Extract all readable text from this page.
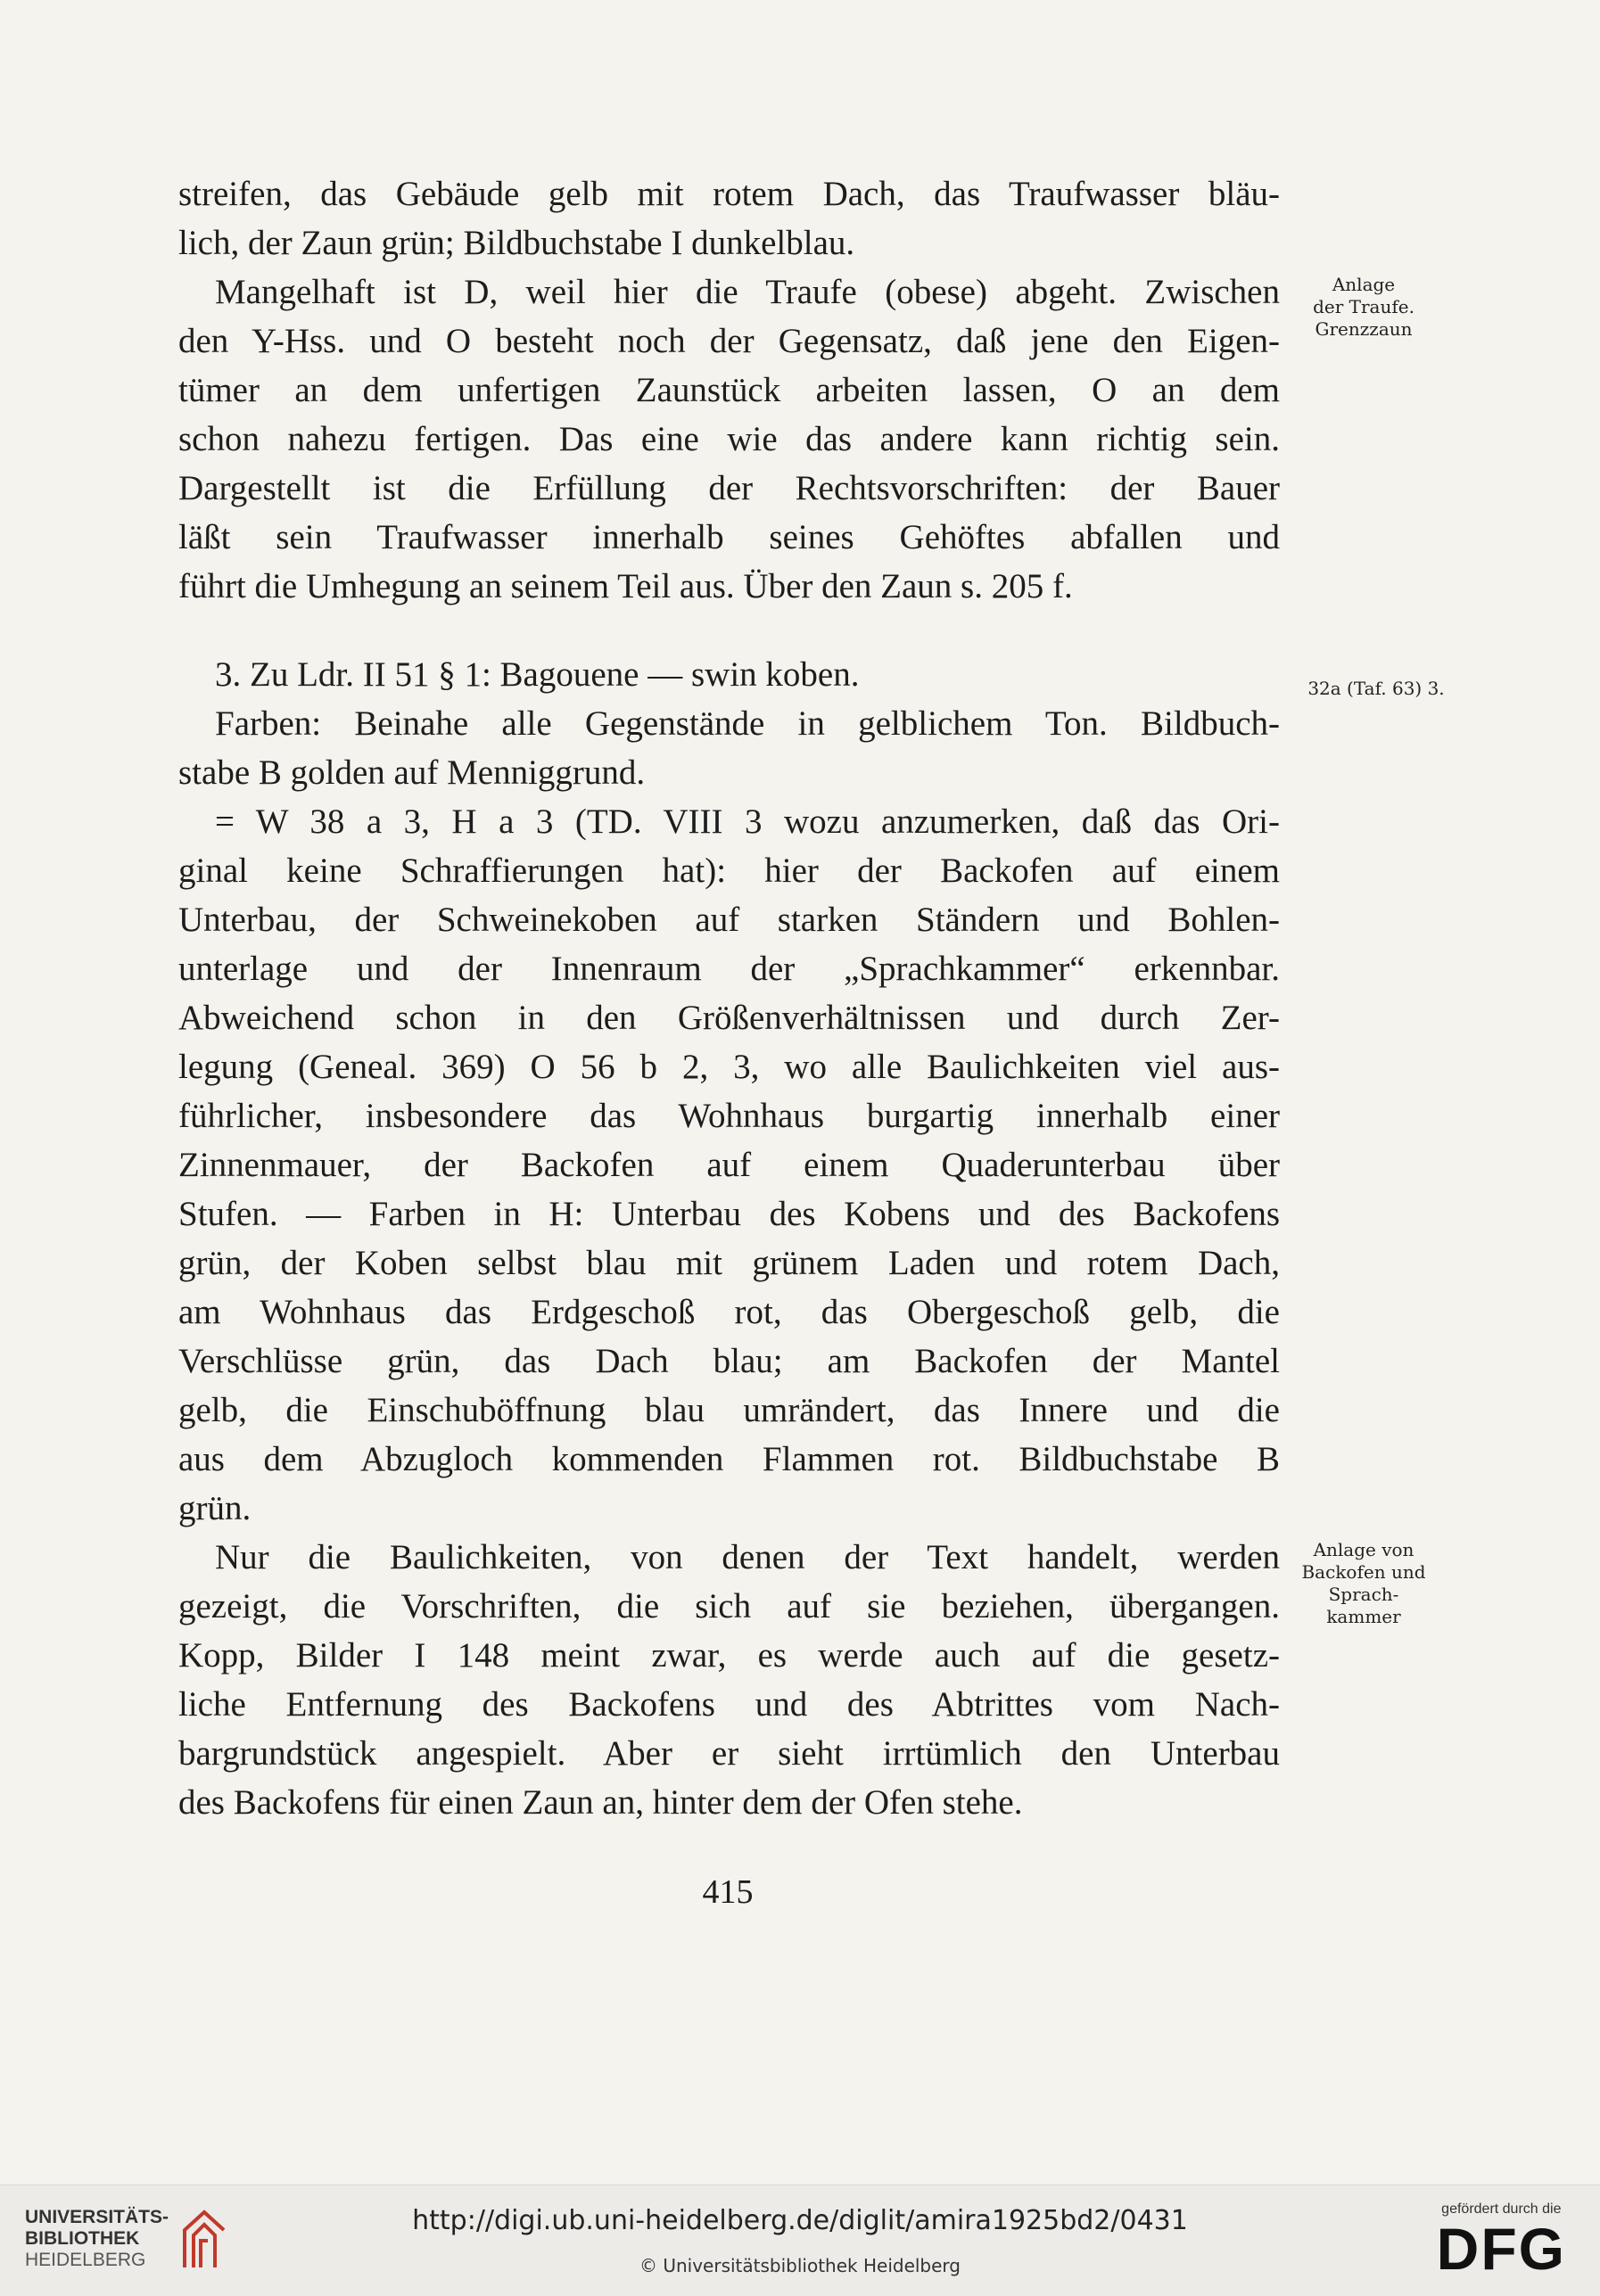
streifen, das Gebäude gelb mit rotem Dach, das Traufwasser bläu-
lich, der Zaun grün; Bildbuchstabe I dunkelblau.
Mangelhaft ist D, weil hier die Traufe (obese) abgeht. Zwischen
den Y-Hss. und O besteht noch der Gegensatz, daß jene den Eigen-
tümer an dem unfertigen Zaunstück arbeiten lassen, O an dem
schon nahezu fertigen. Das eine wie das andere kann richtig sein.
Dargestellt ist die Erfüllung der Rechtsvorschriften: der Bauer
läßt sein Traufwasser innerhalb seines Gehöftes abfallen und
führt die Umhegung an seinem Teil aus. Über den Zaun s. 205 f.
3. Zu Ldr. II 51 § 1: Bagouene — swin koben.
Farben: Beinahe alle Gegenstände in gelblichem Ton. Bildbuch-
stabe B golden auf Menniggrund.
= W 38 a 3, H a 3 (TD. VIII 3 wozu anzumerken, daß das Ori-
ginal keine Schraffierungen hat): hier der Backofen auf einem
Unterbau, der Schweinekoben auf starken Ständern und Bohlen-
unterlage und der Innenraum der „Sprachkammer“ erkennbar.
Abweichend schon in den Größenverhältnissen und durch Zer-
legung (Geneal. 369) O 56 b 2, 3, wo alle Baulichkeiten viel aus-
führlicher, insbesondere das Wohnhaus burgartig innerhalb einer
Zinnenmauer, der Backofen auf einem Quaderunterbau über
Stufen. — Farben in H: Unterbau des Kobens und des Backofens
grün, der Koben selbst blau mit grünem Laden und rotem Dach,
am Wohnhaus das Erdgeschoß rot, das Obergeschoß gelb, die
Verschlüsse grün, das Dach blau; am Backofen der Mantel
gelb, die Einschuböffnung blau umrändert, das Innere und die
aus dem Abzugloch kommenden Flammen rot. Bildbuchstabe B
grün.
Nur die Baulichkeiten, von denen der Text handelt, werden
gezeigt, die Vorschriften, die sich auf sie beziehen, übergangen.
Kopp, Bilder I 148 meint zwar, es werde auch auf die gesetz-
liche Entfernung des Backofens und des Abtrittes vom Nach-
bargrundstück angespielt. Aber er sieht irrtümlich den Unterbau
des Backofens für einen Zaun an, hinter dem der Ofen stehe.
Anlage
der Traufe.
Grenzzaun
32a (Taf. 63) 3.
Anlage von
Backofen und
Sprach-
kammer
415
UNIVERSITÄTS-
BIBLIOTHEK
HEIDELBERG
http://digi.ub.uni-heidelberg.de/diglit/amira1925bd2/0431
© Universitätsbibliothek Heidelberg
gefördert durch die
DFG
